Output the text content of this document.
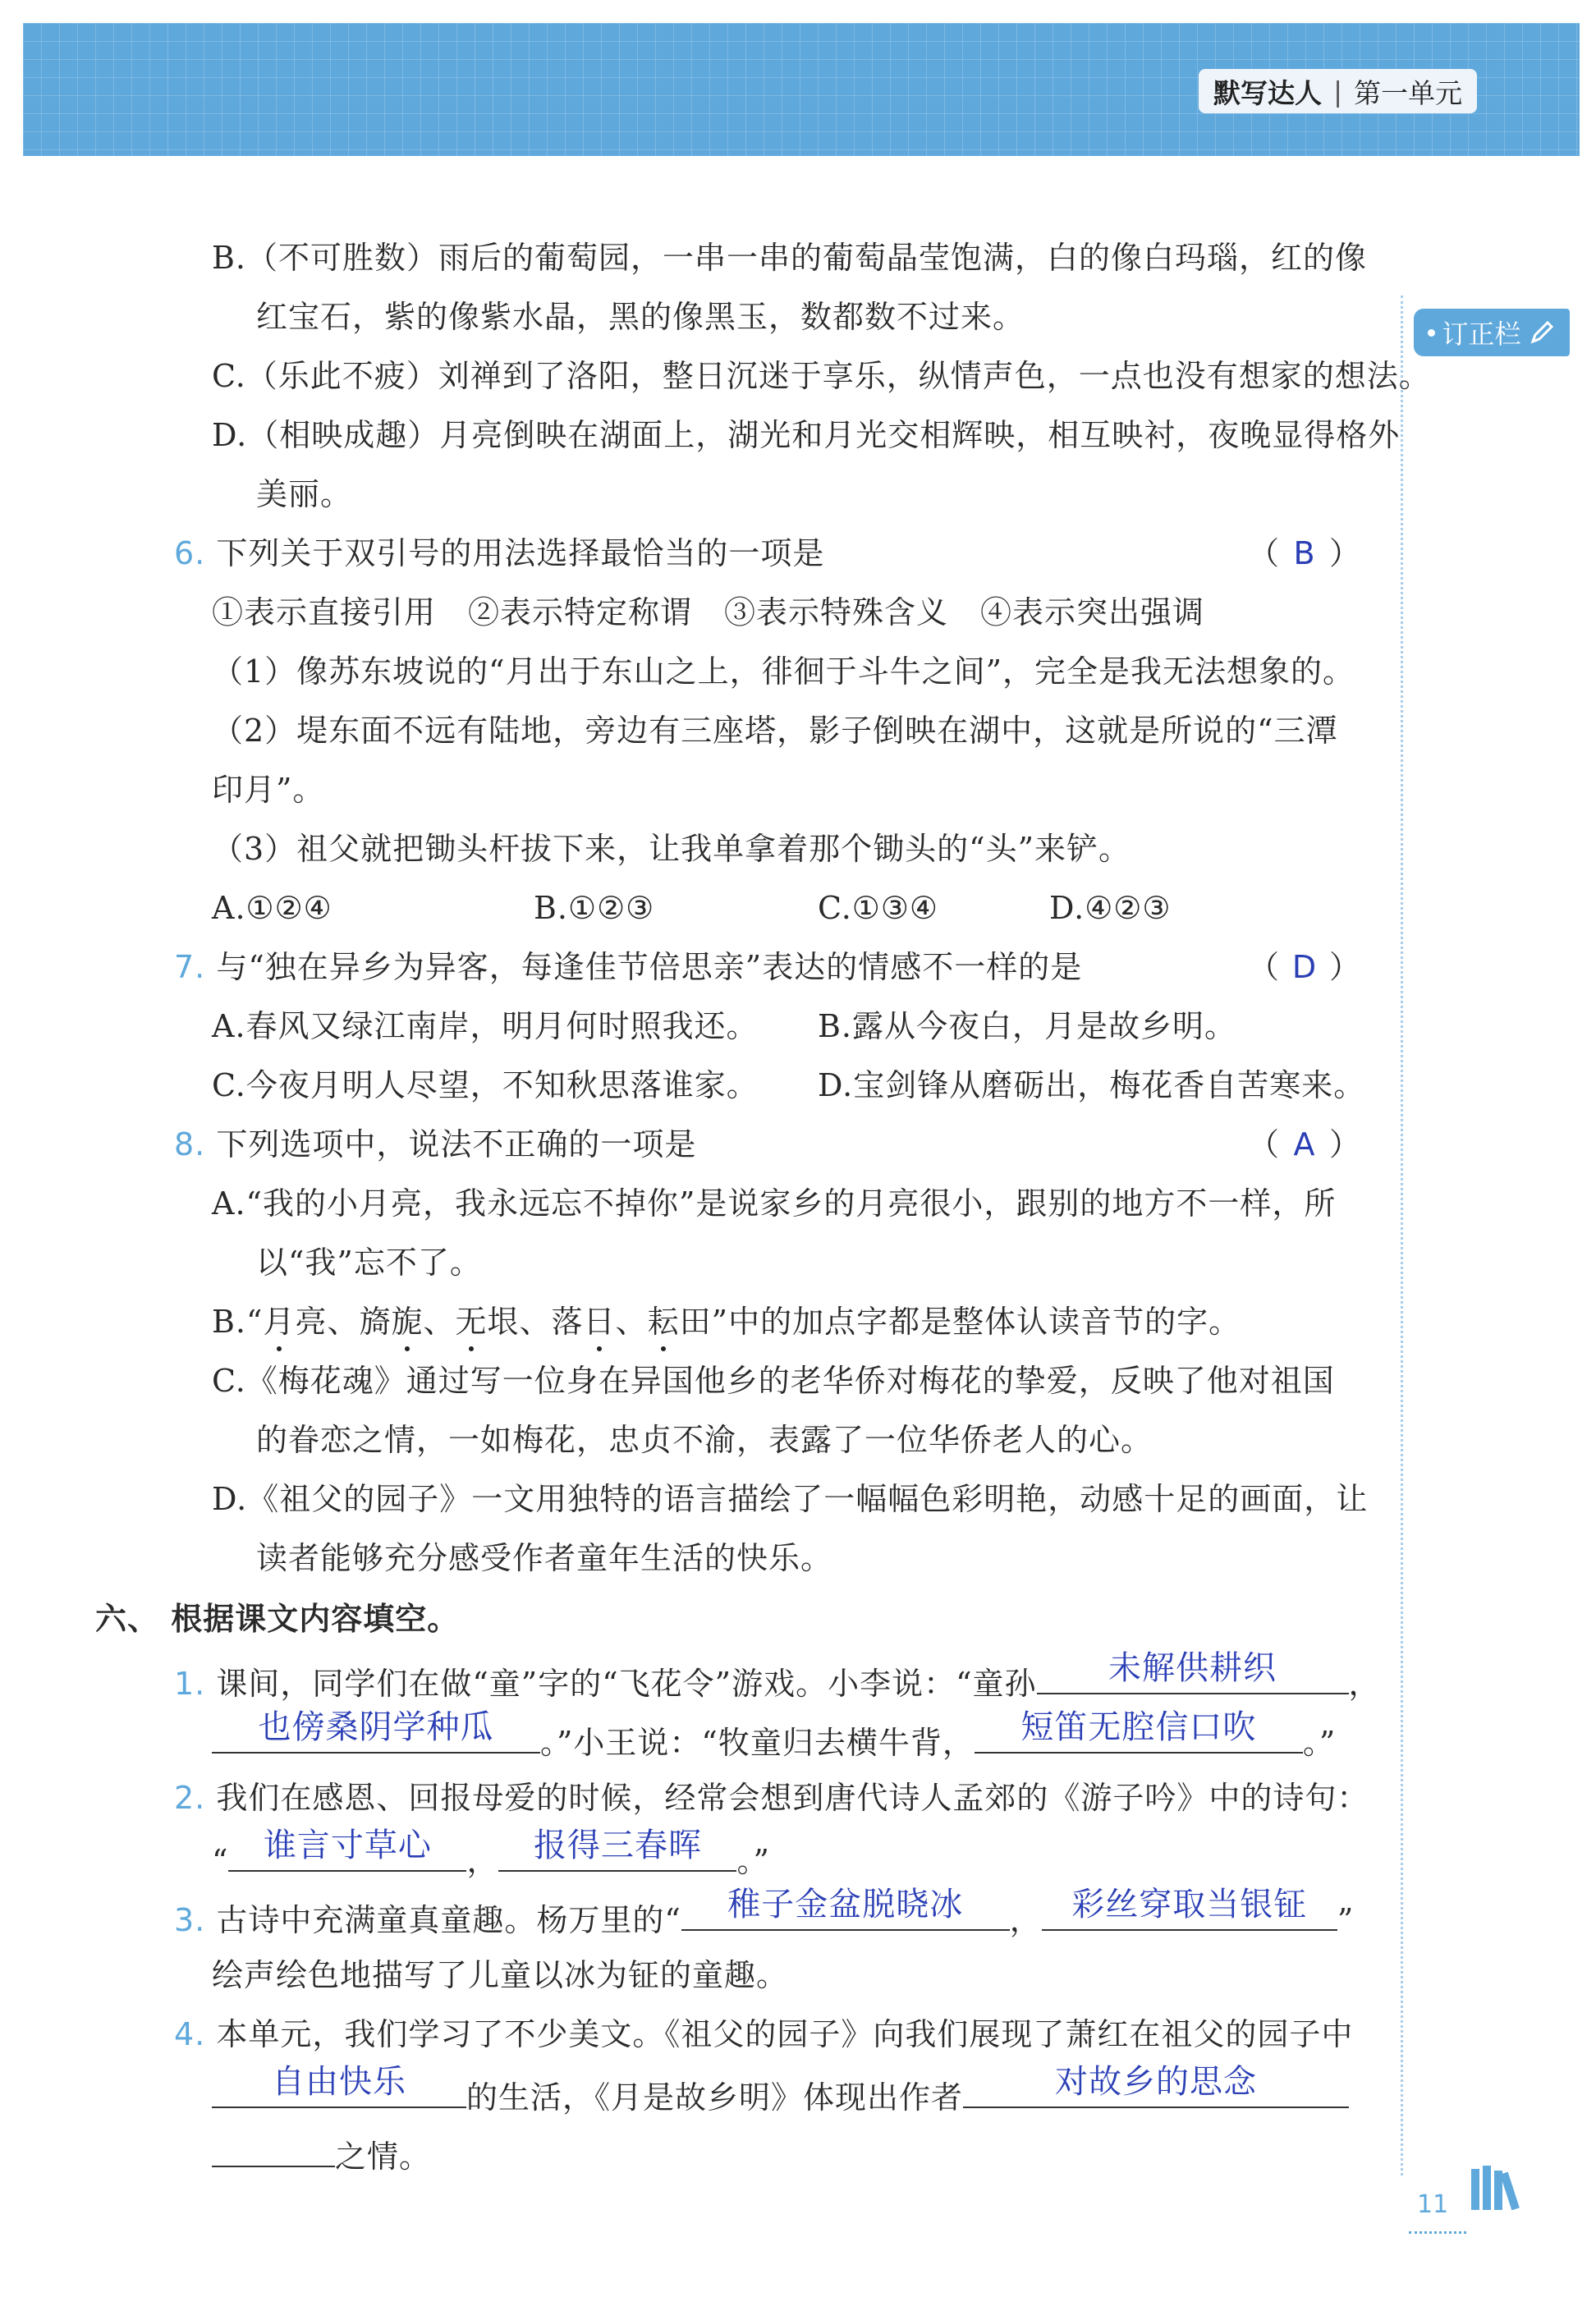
默写达人 | 第一单元
订正栏
B.（不可胜数）雨后的葡萄园，一串一串的葡萄晶莹饱满，白的像白玛瑙，红的像
红宝石，紫的像紫水晶，黑的像黑玉，数都数不过来。
C.（乐此不疲）刘禅到了洛阳，整日沉迷于享乐，纵情声色，一点也没有想家的想法。
D.（相映成趣）月亮倒映在湖面上，湖光和月光交相辉映，相互映衬，夜晚显得格外
美丽。
6. 下列关于双引号的用法选择最恰当的一项是	（ B ）
①表示直接引用　②表示特定称谓　③表示特殊含义　④表示突出强调
（1）像苏东坡说的“月出于东山之上，徘徊于斗牛之间”，完全是我无法想象的。
（2）堤东面不远有陆地，旁边有三座塔，影子倒映在湖中，这就是所说的“三潭
印月”。
（3）祖父就把锄头杆拔下来，让我单拿着那个锄头的“头”来铲。
A.①②④	B.①②③	C.①③④	D.④②③
7. 与“独在异乡为异客，每逢佳节倍思亲”表达的情感不一样的是	（ D ）
A.春风又绿江南岸，明月何时照我还。 B.露从今夜白，月是故乡明。
C.今夜月明人尽望，不知秋思落谁家。 D.宝剑锋从磨砺出，梅花香自苦寒来。
8. 下列选项中，说法不正确的一项是	（ A ）
A.“我的小月亮，我永远忘不掉你”是说家乡的月亮很小，跟别的地方不一样，所
以“我”忘不了。
B.“月亮、旖旎、无垠、落日、耘田”中的加点字都是整体认读音节的字。
C.《梅花魂》通过写一位身在异国他乡的老华侨对梅花的挚爱，反映了他对祖国
的眷恋之情，一如梅花，忠贞不渝，表露了一位华侨老人的心。
D.《祖父的园子》一文用独特的语言描绘了一幅幅色彩明艳，动感十足的画面，让
读者能够充分感受作者童年生活的快乐。
六、 根据课文内容填空。
1. 课间，同学们在做“童”字的“飞花令”游戏。小李说：“童孙	未解供耕织	，
也傍桑阴学种瓜	。”小王说：“牧童归去横牛背，	短笛无腔信口吹	。”
2. 我们在感恩、回报母爱的时候，经常会想到唐代诗人孟郊的《游子吟》中的诗句：
“	谁言寸草心	，	报得三春晖	。”
3. 古诗中充满童真童趣。杨万里的“	稚子金盆脱晓冰	， 彩丝穿取当银钲 ”
绘声绘色地描写了儿童以冰为钲的童趣。
4. 本单元，我们学习了不少美文。《祖父的园子》向我们展现了萧红在祖父的园子中
自由快乐	的生活，《月是故乡明》体现出作者	对故乡的思念
之情。
11
